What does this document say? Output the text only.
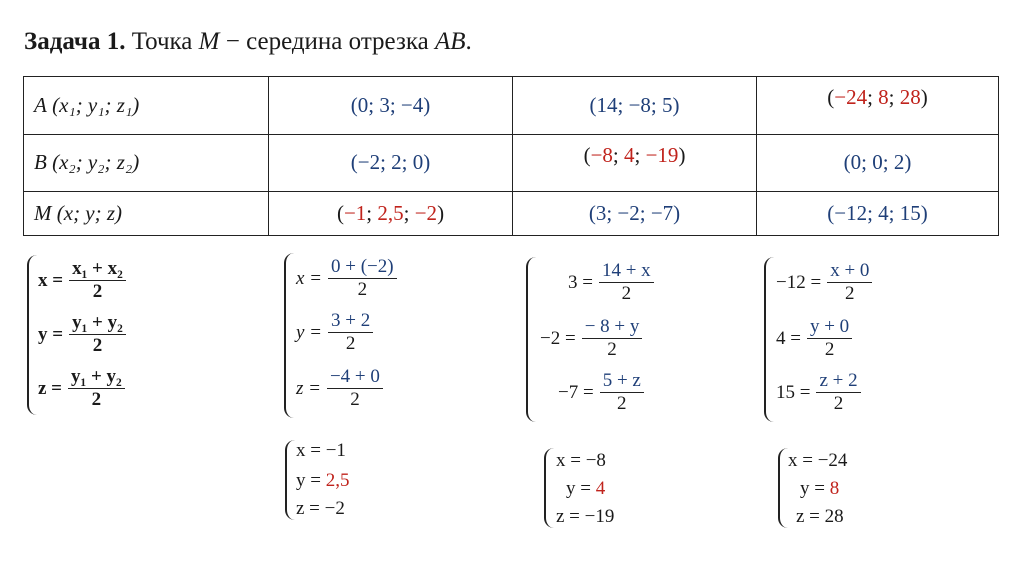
Задача 1. Точка M − середина отрезка AB.
A (x₁; y₁; z₁)	(0; 3; −4)	(14; −8; 5)	(−24; 8; 28)
B (x₂; y₂; z₂)	(−2; 2; 0)	(−8; 4; −19)	(0; 0; 2)
M (x; y; z)	(−1; 2,5; −2)	(3; −2; −7)	(−12; 4; 15)
$x = \frac{\text{x₁ + x₂}}{2}$
$y = \frac{\text{y₁ + y₂}}{2}$
$z = \frac{\text{y₁ + y₂}}{2}$
$x = \frac{0 + (-2)}{2}$
$y = \frac{3 + 2}{2}$
$z = \frac{-4 + 0}{2}$
$3 = \frac{14 + x}{2}$
$-2 = \frac{- 8 + y}{2}$
$-7 = \frac{5 + z}{2}$
$-12 = \frac{x + 0}{2}$
$4 = \frac{y + 0}{2}$
$15 = \frac{z + 2}{2}$
x = −1
y = 2,5
z = −2
x = −8
y = 4
z = −19
x = −24
y = 8
z = 28
